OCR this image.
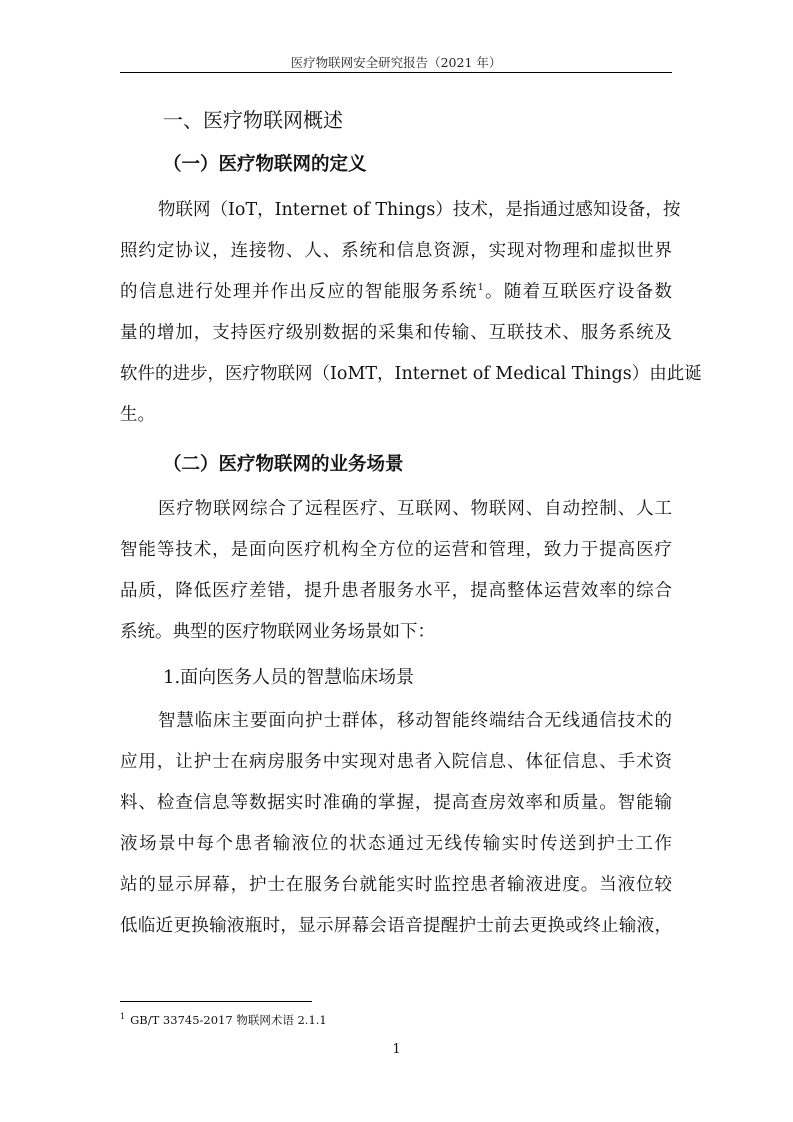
医疗物联网安全研究报告（2021 年）
一、医疗物联网概述
（一）医疗物联网的定义
物联网（IoT，Internet of Things）技术，是指通过感知设备，按
照约定协议，连接物、人、系统和信息资源，实现对物理和虚拟世界
的信息进行处理并作出反应的智能服务系统$^1$。随着互联医疗设备数
量的增加，支持医疗级别数据的采集和传输、互联技术、服务系统及
软件的进步，医疗物联网（IoMT，Internet of Medical Things）由此诞
生。
（二）医疗物联网的业务场景
医疗物联网综合了远程医疗、互联网、物联网、自动控制、人工
智能等技术，是面向医疗机构全方位的运营和管理，致力于提高医疗
品质，降低医疗差错，提升患者服务水平，提高整体运营效率的综合
系统。典型的医疗物联网业务场景如下：
1.面向医务人员的智慧临床场景
智慧临床主要面向护士群体，移动智能终端结合无线通信技术的
应用，让护士在病房服务中实现对患者入院信息、体征信息、手术资
料、检查信息等数据实时准确的掌握，提高查房效率和质量。智能输
液场景中每个患者输液位的状态通过无线传输实时传送到护士工作
站的显示屏幕，护士在服务台就能实时监控患者输液进度。当液位较
低临近更换输液瓶时，显示屏幕会语音提醒护士前去更换或终止输液，
$^1$ GB/T 33745-2017 物联网术语 2.1.1
1
